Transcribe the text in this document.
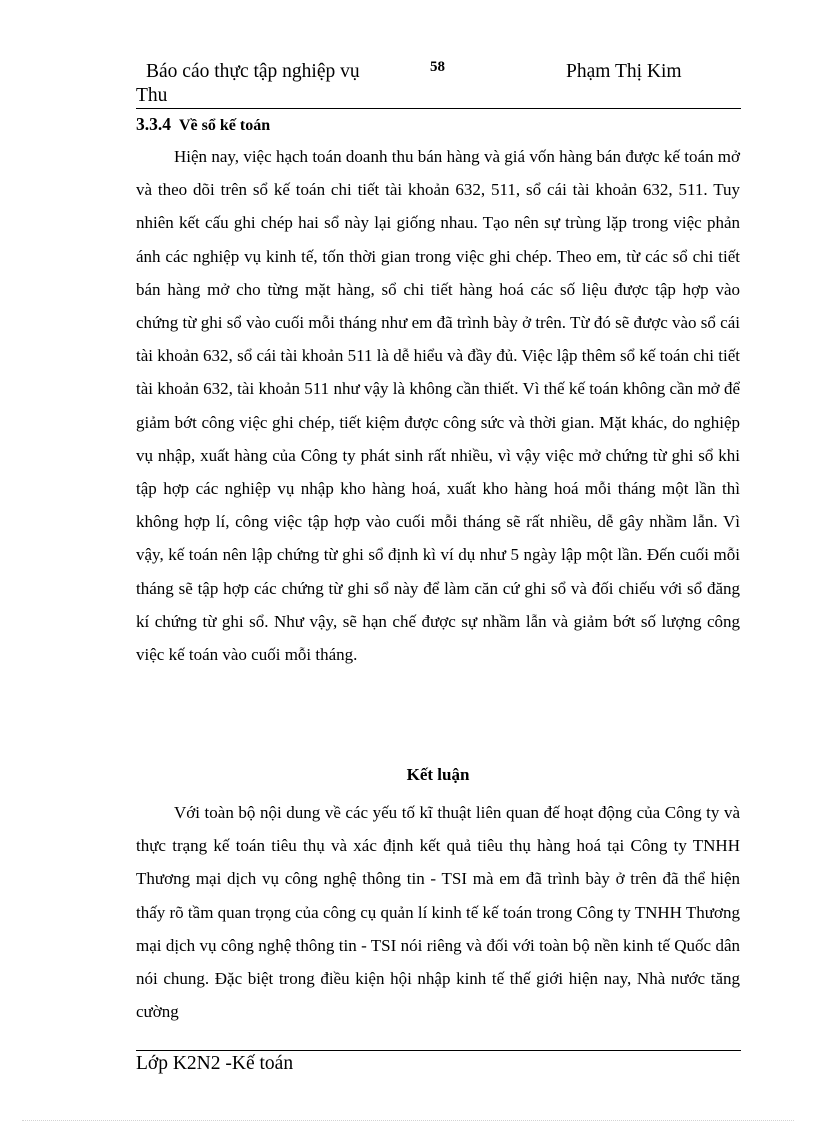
Báo cáo thực tập nghiệp vụ
Thu
58	Phạm Thị Kim
3.3.4 Về sổ kế toán

Hiện nay, việc hạch toán doanh thu bán hàng và giá vốn hàng bán được kế toán mở và theo dõi trên sổ kế toán chi tiết tài khoản 632, 511, sổ cái tài khoản 632, 511. Tuy nhiên kết cấu ghi chép hai sổ này lại giống nhau. Tạo nên sự trùng lặp trong việc phản ánh các nghiệp vụ kinh tế, tốn thời gian trong việc ghi chép. Theo em, từ các sổ chi tiết bán hàng mở cho từng mặt hàng, sổ chi tiết hàng hoá các số liệu được tập hợp vào chứng từ ghi sổ vào cuối mỗi tháng như em đã trình bày ở trên. Từ đó sẽ được vào sổ cái tài khoản 632, sổ cái tài khoản 511 là dễ hiểu và đầy đủ. Việc lập thêm sổ kế toán chi tiết tài khoản 632, tài khoản 511 như vậy là không cần thiết. Vì thế kế toán không cần mở để giảm bớt công việc ghi chép, tiết kiệm được công sức và thời gian. Mặt khác, do nghiệp vụ nhập, xuất hàng của Công ty phát sinh rất nhiều, vì vậy việc mở chứng từ ghi sổ khi tập hợp các nghiệp vụ nhập kho hàng hoá, xuất kho hàng hoá mỗi tháng một lần thì không hợp lí, công việc tập hợp vào cuối mỗi tháng sẽ rất nhiều, dễ gây nhầm lẫn. Vì vậy, kế toán nên lập chứng từ ghi sổ định kì ví dụ như 5 ngày lập một lần. Đến cuối mỗi tháng sẽ tập hợp các chứng từ ghi sổ này để làm căn cứ ghi sổ và đối chiếu với sổ đăng kí chứng từ ghi sổ. Như vậy, sẽ hạn chế được sự nhầm lẫn và giảm bớt số lượng công việc kế toán vào cuối mỗi tháng.

Kết luận

Với toàn bộ nội dung về các yếu tố kĩ thuật liên quan đế hoạt động của Công ty và thực trạng kế toán tiêu thụ và xác định kết quả tiêu thụ hàng hoá tại Công ty TNHH Thương mại dịch vụ công nghệ thông tin - TSI mà em đã trình bày ở trên đã thể hiện thấy rõ tầm quan trọng của công cụ quản lí kinh tế kế toán trong Công ty TNHH Thương mại dịch vụ công nghệ thông tin - TSI nói riêng và đối với toàn bộ nền kinh tế Quốc dân nói chung. Đặc biệt trong điều kiện hội nhập kinh tế thế giới hiện nay, Nhà nước tăng cường

Lớp K2N2 -Kế toán
